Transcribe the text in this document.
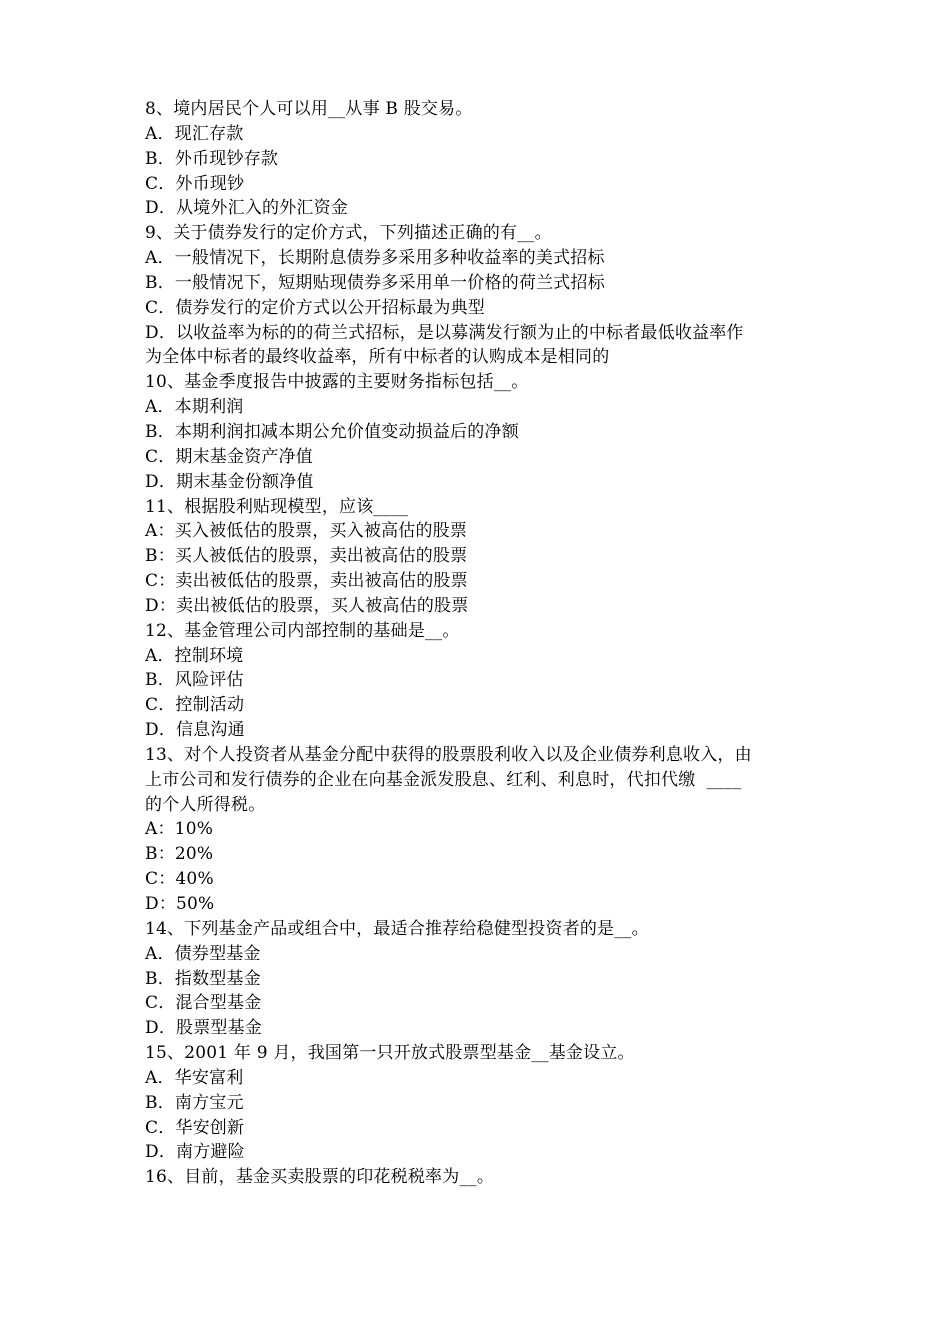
8、境内居民个人可以用__从事 B 股交易。
A．现汇存款
B．外币现钞存款
C．外币现钞
D．从境外汇入的外汇资金
9、关于债券发行的定价方式，下列描述正确的有__。
A．一般情况下，长期附息债券多采用多种收益率的美式招标
B．一般情况下，短期贴现债券多采用单一价格的荷兰式招标
C．债券发行的定价方式以公开招标最为典型
D．以收益率为标的的荷兰式招标，是以募满发行额为止的中标者最低收益率作
为全体中标者的最终收益率，所有中标者的认购成本是相同的
10、基金季度报告中披露的主要财务指标包括__。
A．本期利润
B．本期利润扣减本期公允价值变动损益后的净额
C．期末基金资产净值
D．期末基金份额净值
11、根据股利贴现模型，应该____
A：买入被低估的股票，买入被高估的股票
B：买人被低估的股票，卖出被高估的股票
C：卖出被低估的股票，卖出被高估的股票
D：卖出被低估的股票，买人被高估的股票
12、基金管理公司内部控制的基础是__。
A．控制环境
B．风险评估
C．控制活动
D．信息沟通
13、对个人投资者从基金分配中获得的股票股利收入以及企业债券利息收入，由
上市公司和发行债券的企业在向基金派发股息、红利、利息时，代扣代缴  ____
的个人所得税。
A：10%
B：20%
C：40%
D：50%
14、下列基金产品或组合中，最适合推荐给稳健型投资者的是__。
A．债券型基金
B．指数型基金
C．混合型基金
D．股票型基金
15、2001 年 9 月，我国第一只开放式股票型基金__基金设立。
A．华安富利
B．南方宝元
C．华安创新
D．南方避险
16、目前，基金买卖股票的印花税税率为__。
